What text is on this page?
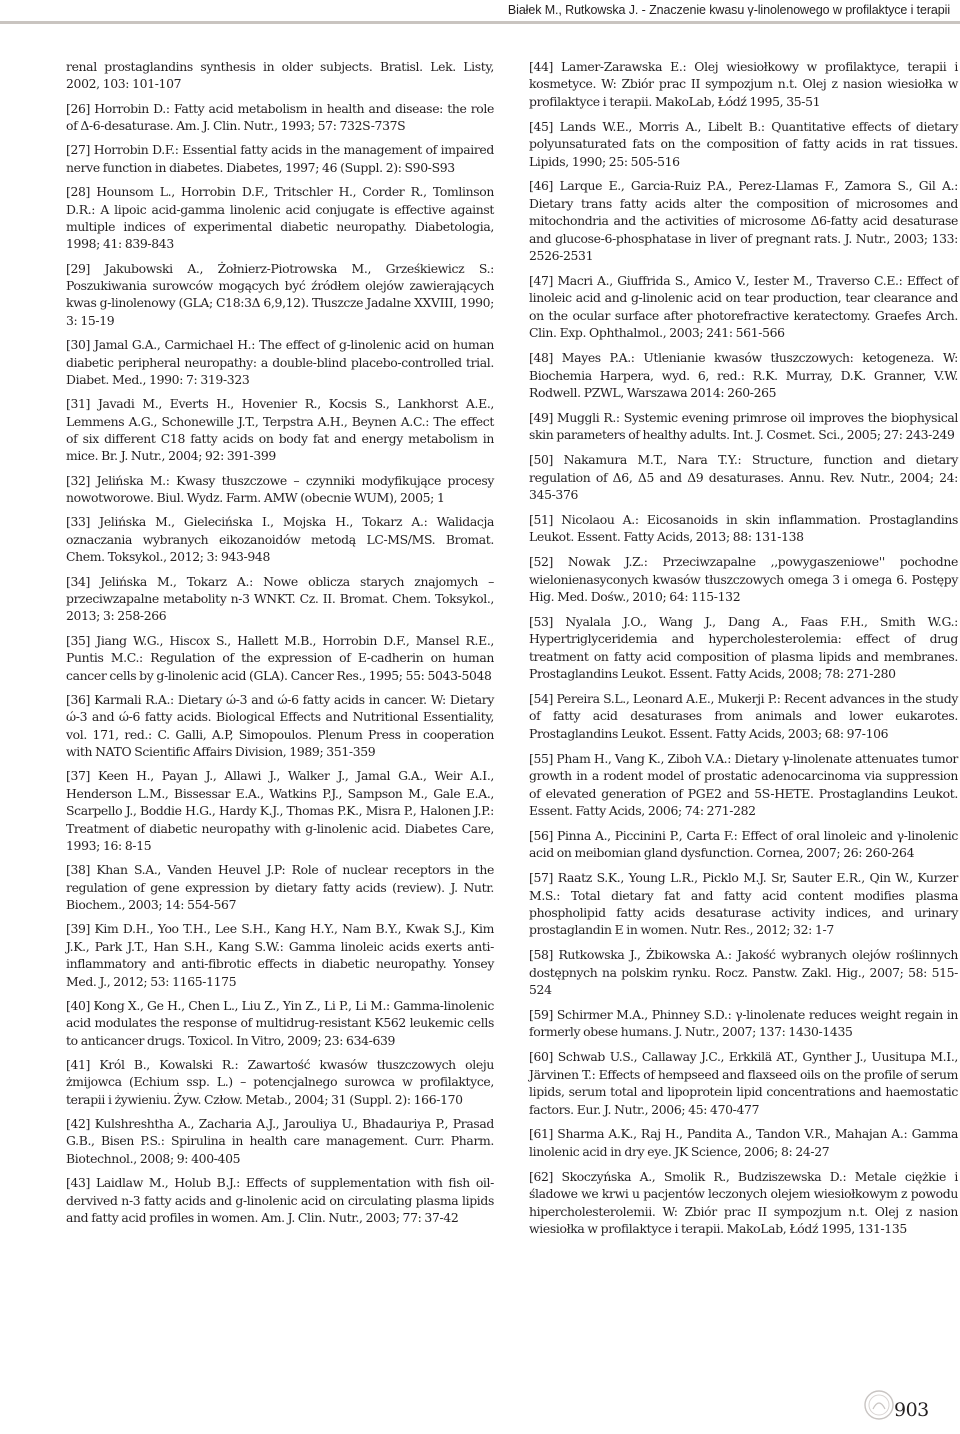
Białek M., Rutkowska J. - Znaczenie kwasu γ-linolenowego w profilaktyce i terapii

renal prostaglandins synthesis in older subjects. Bratisl. Lek. Listy, 2002, 103: 101-107

[26] Horrobin D.: Fatty acid metabolism in health and disease: the role of Δ-6-desaturase. Am. J. Clin. Nutr., 1993; 57: 732S-737S

[27] Horrobin D.F.: Essential fatty acids in the management of impaired nerve function in diabetes. Diabetes, 1997; 46 (Suppl. 2): S90-S93

[28] Hounsom L., Horrobin D.F., Tritschler H., Corder R., Tomlinson D.R.: A lipoic acid-gamma linolenic acid conjugate is effective against multiple indices of experimental diabetic neuropathy. Diabetologia, 1998; 41: 839-843

[29] Jakubowski A., Żołnierz-Piotrowska M., Grześkiewicz S.: Poszukiwania surowców mogących być źródłem olejów zawierających kwas g-linolenowy (GLA; C18:3Δ 6,9,12). Tłuszcze Jadalne XXVIII, 1990; 3: 15-19

[30] Jamal G.A., Carmichael H.: The effect of g-linolenic acid on human diabetic peripheral neuropathy: a double-blind placebo-controlled trial. Diabet. Med., 1990: 7: 319-323

[31] Javadi M., Everts H., Hovenier R., Kocsis S., Lankhorst A.E., Lemmens A.G., Schonewille J.T., Terpstra A.H., Beynen A.C.: The effect of six different C18 fatty acids on body fat and energy metabolism in mice. Br. J. Nutr., 2004; 92: 391-399

[32] Jelińska M.: Kwasy tłuszczowe – czynniki modyfikujące procesy nowotworowe. Biul. Wydz. Farm. AMW (obecnie WUM), 2005; 1

[33] Jelińska M., Gielecińska I., Mojska H., Tokarz A.: Walidacja oznaczania wybranych eikozanoidów metodą LC-MS/MS. Bromat. Chem. Toksykol., 2012; 3: 943-948

[34] Jelińska M., Tokarz A.: Nowe oblicza starych znajomych – przeciwzapalne metabolity n-3 WNKT. Cz. II. Bromat. Chem. Toksykol., 2013; 3: 258-266

[35] Jiang W.G., Hiscox S., Hallett M.B., Horrobin D.F., Mansel R.E., Puntis M.C.: Regulation of the expression of E-cadherin on human cancer cells by g-linolenic acid (GLA). Cancer Res., 1995; 55: 5043-5048

[36] Karmali R.A.: Dietary ώ-3 and ώ-6 fatty acids in cancer. W: Dietary ώ-3 and ώ-6 fatty acids. Biological Effects and Nutritional Essentiality, vol. 171, red.: C. Galli, A.P, Simopoulos. Plenum Press in cooperation with NATO Scientific Affairs Division, 1989; 351-359

[37] Keen H., Payan J., Allawi J., Walker J., Jamal G.A., Weir A.I., Henderson L.M., Bissessar E.A., Watkins P.J., Sampson M., Gale E.A., Scarpello J., Boddie H.G., Hardy K.J., Thomas P.K., Misra P., Halonen J.P.: Treatment of diabetic neuropathy with g-linolenic acid. Diabetes Care, 1993; 16: 8-15

[38] Khan S.A., Vanden Heuvel J.P: Role of nuclear receptors in the regulation of gene expression by dietary fatty acids (review). J. Nutr. Biochem., 2003; 14: 554-567

[39] Kim D.H., Yoo T.H., Lee S.H., Kang H.Y., Nam B.Y., Kwak S.J., Kim J.K., Park J.T., Han S.H., Kang S.W.: Gamma linoleic acids exerts anti-inflammatory and anti-fibrotic effects in diabetic neuropathy. Yonsey Med. J., 2012; 53: 1165-1175

[40] Kong X., Ge H., Chen L., Liu Z., Yin Z., Li P., Li M.: Gamma-linolenic acid modulates the response of multidrug-resistant K562 leukemic cells to anticancer drugs. Toxicol. In Vitro, 2009; 23: 634-639

[41] Król B., Kowalski R.: Zawartość kwasów tłuszczowych oleju żmijowca (Echium ssp. L.) – potencjalnego surowca w profilaktyce, terapii i żywieniu. Żyw. Człow. Metab., 2004; 31 (Suppl. 2): 166-170

[42] Kulshreshtha A., Zacharia A.J., Jarouliya U., Bhadauriya P., Prasad G.B., Bisen P.S.: Spirulina in health care management. Curr. Pharm. Biotechnol., 2008; 9: 400-405

[43] Laidlaw M., Holub B.J.: Effects of supplementation with fish oil-dervived n-3 fatty acids and g-linolenic acid on circulating plasma lipids and fatty acid profiles in women. Am. J. Clin. Nutr., 2003; 77: 37-42

[44] Lamer-Zarawska E.: Olej wiesiołkowy w profilaktyce, terapii i kosmetyce. W: Zbiór prac II sympozjum n.t. Olej z nasion wiesiołka w profilaktyce i terapii. MakoLab, Łódź 1995, 35-51

[45] Lands W.E., Morris A., Libelt B.: Quantitative effects of dietary polyunsaturated fats on the composition of fatty acids in rat tissues. Lipids, 1990; 25: 505-516

[46] Larque E., Garcia-Ruiz P.A., Perez-Llamas F., Zamora S., Gil A.: Dietary trans fatty acids alter the composition of microsomes and mitochondria and the activities of microsome Δ6-fatty acid desaturase and glucose-6-phosphatase in liver of pregnant rats. J. Nutr., 2003; 133: 2526-2531

[47] Macri A., Giuffrida S., Amico V., Iester M., Traverso C.E.: Effect of linoleic acid and g-linolenic acid on tear production, tear clearance and on the ocular surface after photorefractive keratectomy. Graefes Arch. Clin. Exp. Ophthalmol., 2003; 241: 561-566

[48] Mayes P.A.: Utlenianie kwasów tłuszczowych: ketogeneza. W: Biochemia Harpera, wyd. 6, red.: R.K. Murray, D.K. Granner, V.W. Rodwell. PZWL, Warszawa 2014: 260-265

[49] Muggli R.: Systemic evening primrose oil improves the biophysical skin parameters of healthy adults. Int. J. Cosmet. Sci., 2005; 27: 243-249

[50] Nakamura M.T., Nara T.Y.: Structure, function and dietary regulation of Δ6, Δ5 and Δ9 desaturases. Annu. Rev. Nutr., 2004; 24: 345-376

[51] Nicolaou A.: Eicosanoids in skin inflammation. Prostaglandins Leukot. Essent. Fatty Acids, 2013; 88: 131-138

[52] Nowak J.Z.: Przeciwzapalne ,,powygaszeniowe'' pochodne wielonienasyconych kwasów tłuszczowych omega 3 i omega 6. Postępy Hig. Med. Dośw., 2010; 64: 115-132

[53] Nyalala J.O., Wang J., Dang A., Faas F.H., Smith W.G.: Hypertriglyceridemia and hypercholesterolemia: effect of drug treatment on fatty acid composition of plasma lipids and membranes. Prostaglandins Leukot. Essent. Fatty Acids, 2008; 78: 271-280

[54] Pereira S.L., Leonard A.E., Mukerji P.: Recent advances in the study of fatty acid desaturases from animals and lower eukarotes. Prostaglandins Leukot. Essent. Fatty Acids, 2003; 68: 97-106

[55] Pham H., Vang K., Ziboh V.A.: Dietary γ-linolenate attenuates tumor growth in a rodent model of prostatic adenocarcinoma via suppression of elevated generation of PGE2 and 5S-HETE. Prostaglandins Leukot. Essent. Fatty Acids, 2006; 74: 271-282

[56] Pinna A., Piccinini P., Carta F.: Effect of oral linoleic and γ-linolenic acid on meibomian gland dysfunction. Cornea, 2007; 26: 260-264

[57] Raatz S.K., Young L.R., Picklo M.J. Sr, Sauter E.R., Qin W., Kurzer M.S.: Total dietary fat and fatty acid content modifies plasma phospholipid fatty acids desaturase activity indices, and urinary prostaglandin E in women. Nutr. Res., 2012; 32: 1-7

[58] Rutkowska J., Żbikowska A.: Jakość wybranych olejów roślinnych dostępnych na polskim rynku. Rocz. Panstw. Zakl. Hig., 2007; 58: 515-524

[59] Schirmer M.A., Phinney S.D.: γ-linolenate reduces weight regain in formerly obese humans. J. Nutr., 2007; 137: 1430-1435

[60] Schwab U.S., Callaway J.C., Erkkilä AT., Gynther J., Uusitupa M.I., Järvinen T.: Effects of hempseed and flaxseed oils on the profile of serum lipids, serum total and lipoprotein lipid concentrations and haemostatic factors. Eur. J. Nutr., 2006; 45: 470-477

[61] Sharma A.K., Raj H., Pandita A., Tandon V.R., Mahajan A.: Gamma linolenic acid in dry eye. JK Science, 2006; 8: 24-27

[62] Skoczyńska A., Smolik R., Budziszewska D.: Metale ciężkie i śladowe we krwi u pacjentów leczonych olejem wiesiołkowym z powodu hipercholesterolemii. W: Zbiór prac II sympozjum n.t. Olej z nasion wiesiołka w profilaktyce i terapii. MakoLab, Łódź 1995, 131-135

903
